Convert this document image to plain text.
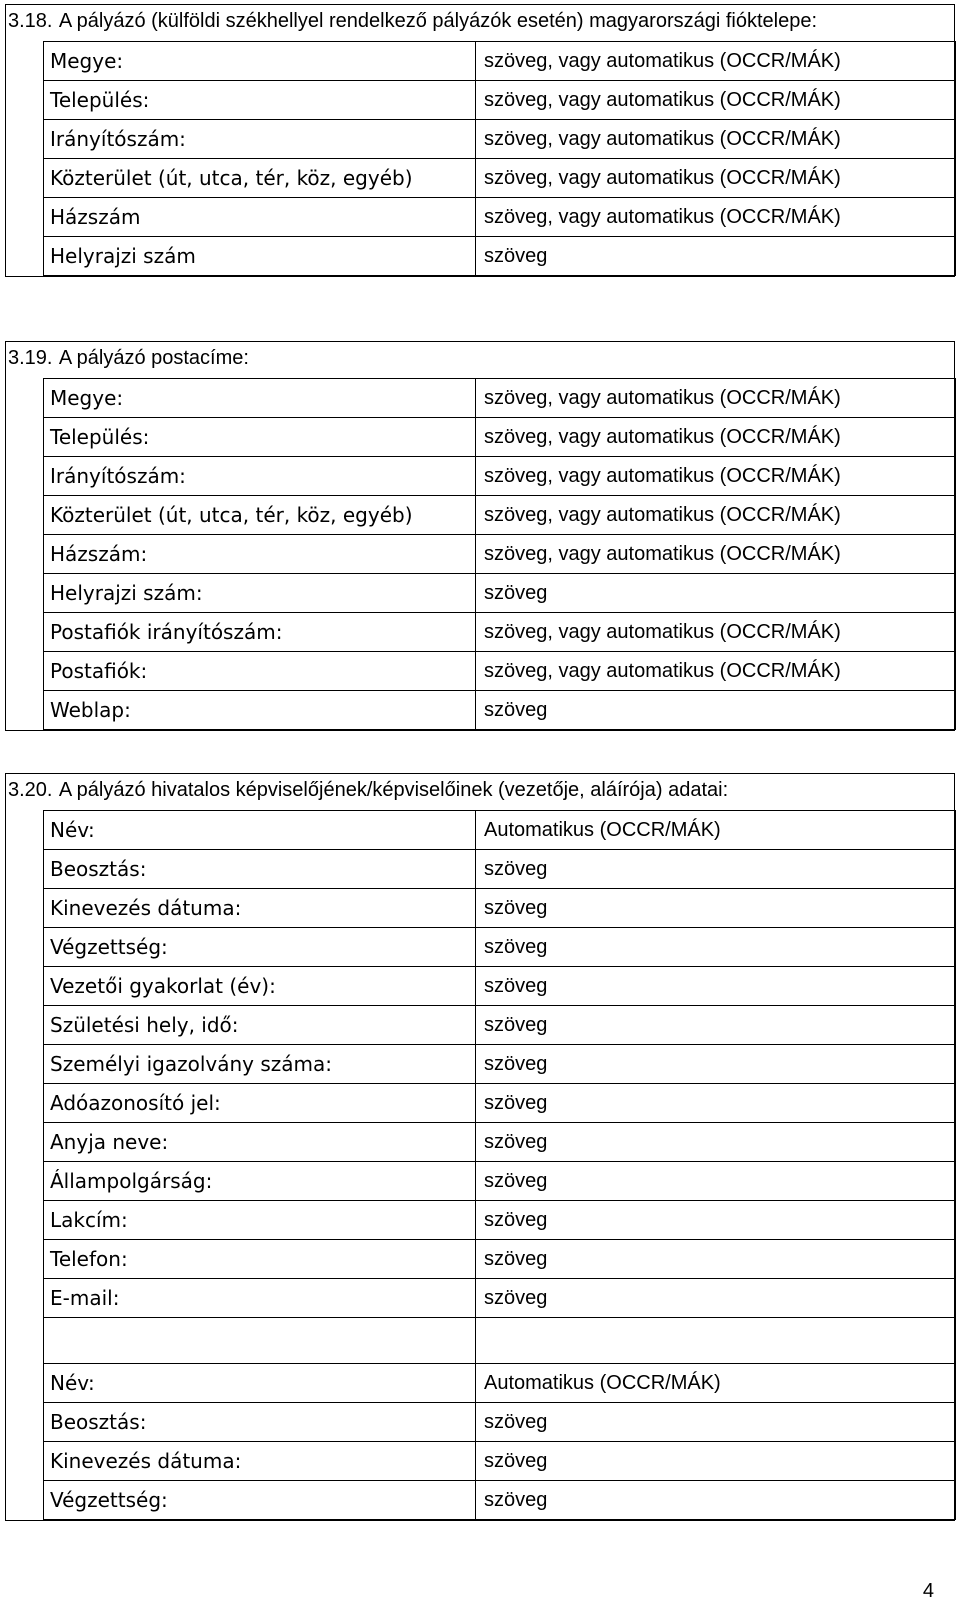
3.18. A pályázó (külföldi székhellyel rendelkező pályázók esetén) magyarországi fióktelepe:
Megye:	szöveg, vagy automatikus (OCCR/MÁK)
Település:	szöveg, vagy automatikus (OCCR/MÁK)
Irányítószám:	szöveg, vagy automatikus (OCCR/MÁK)
Közterület (út, utca, tér, köz, egyéb)	szöveg, vagy automatikus (OCCR/MÁK)
Házszám	szöveg, vagy automatikus (OCCR/MÁK)
Helyrajzi szám	szöveg
3.19. A pályázó postacíme:
Megye:	szöveg, vagy automatikus (OCCR/MÁK)
Település:	szöveg, vagy automatikus (OCCR/MÁK)
Irányítószám:	szöveg, vagy automatikus (OCCR/MÁK)
Közterület (út, utca, tér, köz, egyéb)	szöveg, vagy automatikus (OCCR/MÁK)
Házszám:	szöveg, vagy automatikus (OCCR/MÁK)
Helyrajzi szám:	szöveg
Postafiók irányítószám:	szöveg, vagy automatikus (OCCR/MÁK)
Postafiók:	szöveg, vagy automatikus (OCCR/MÁK)
Weblap:	szöveg
3.20. A pályázó hivatalos képviselőjének/képviselőinek (vezetője, aláírója) adatai:
Név:	Automatikus (OCCR/MÁK)
Beosztás:	szöveg
Kinevezés dátuma:	szöveg
Végzettség:	szöveg
Vezetői gyakorlat (év):	szöveg
Születési hely, idő:	szöveg
Személyi igazolvány száma:	szöveg
Adóazonosító jel:	szöveg
Anyja neve:	szöveg
Állampolgárság:	szöveg
Lakcím:	szöveg
Telefon:	szöveg
E-mail:	szöveg

Név:	Automatikus (OCCR/MÁK)
Beosztás:	szöveg
Kinevezés dátuma:	szöveg
Végzettség:	szöveg
4
